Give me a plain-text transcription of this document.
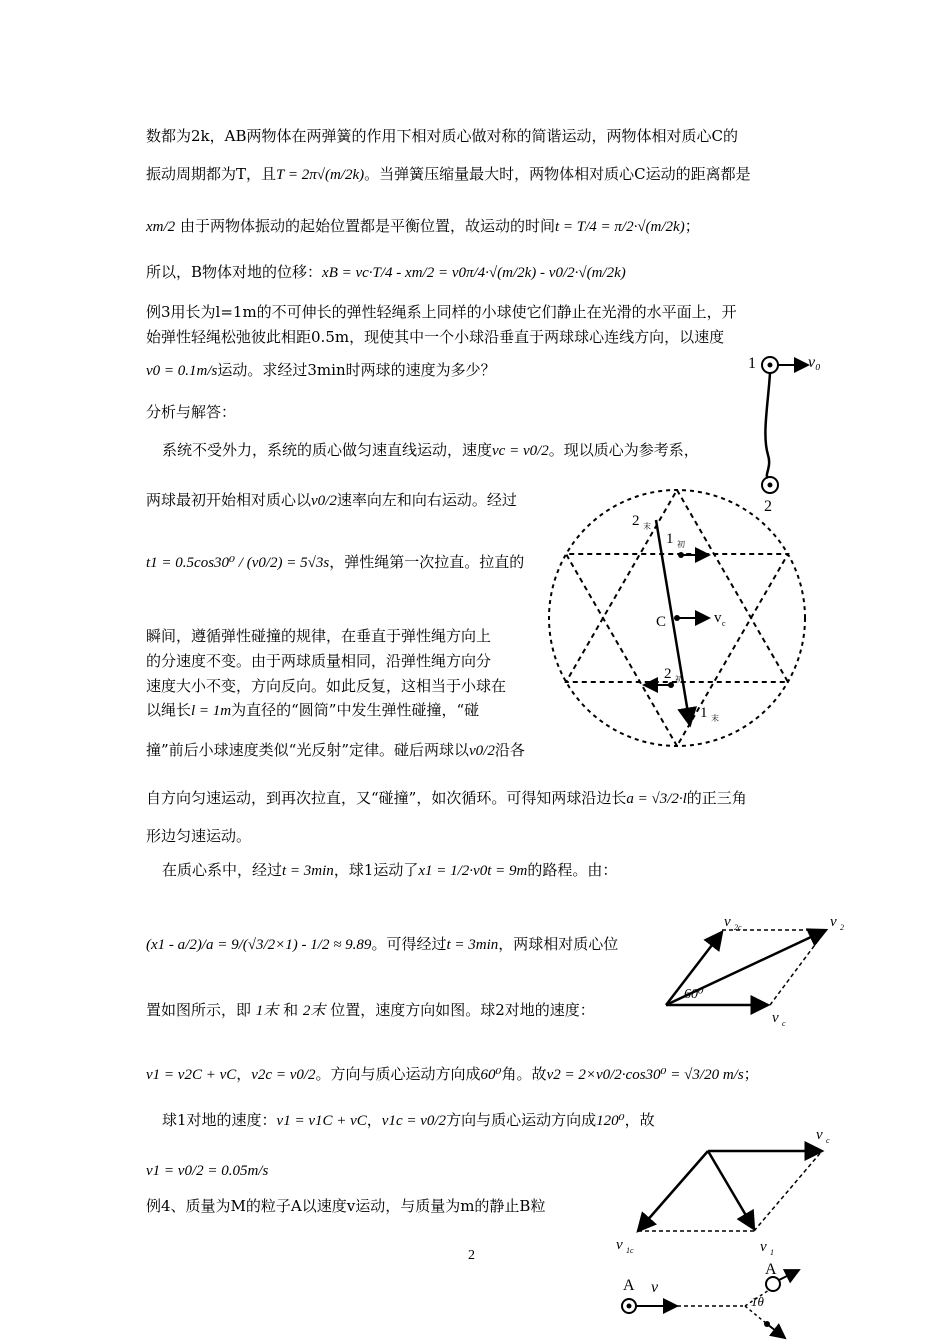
数都为2k，AB两物体在两弹簧的作用下相对质心做对称的简谐运动，两物体相对质心C的
振动周期都为T，且T = 2π√(m/2k)。当弹簧压缩量最大时，两物体相对质心C运动的距离都是
xm/2 由于两物体振动的起始位置都是平衡位置，故运动的时间t = T/4 = π/2·√(m/2k)；
所以，B物体对地的位移：xB = vc·T/4 - xm/2 = v0π/4·√(m/2k) - v0/2·√(m/2k)
例3用长为l=1m的不可伸长的弹性轻绳系上同样的小球使它们静止在光滑的水平面上，开
始弹性轻绳松弛彼此相距0.5m，现使其中一个小球沿垂直于两球球心连线方向，以速度
v0 = 0.1m/s运动。求经过3min时两球的速度为多少？
分析与解答：
系统不受外力，系统的质心做匀速直线运动，速度vc = v0/2。现以质心为参考系，
两球最初开始相对质心以v0/2速率向左和向右运动。经过
t1 = 0.5cos30⁰ / (v0/2) = 5√3s，弹性绳第一次拉直。拉直的
瞬间，遵循弹性碰撞的规律，在垂直于弹性绳方向上
的分速度不变。由于两球质量相同，沿弹性绳方向分
速度大小不变，方向反向。如此反复，这相当于小球在
以绳长l = 1m为直径的“圆筒”中发生弹性碰撞，“碰
撞”前后小球速度类似“光反射”定律。碰后两球以v0/2沿各
自方向匀速运动，到再次拉直，又“碰撞”，如次循环。可得知两球沿边长a = √3/2·l的正三角
形边匀速运动。
在质心系中，经过t = 3min，球1运动了x1 = 1/2·v0t = 9m的路程。由：
(x1 - a/2)/a = 9/(√3/2×1) - 1/2 ≈ 9.89。可得经过t = 3min，两球相对质心位
置如图所示，即 1末 和 2末 位置，速度方向如图。球2对地的速度：
v1 = v2C + vC，v2c = v0/2。方向与质心运动方向成60⁰角。故v2 = 2×v0/2·cos30⁰ = √3/20 m/s；
球1对地的速度：v1 = v1C + vC，v1c = v0/2方向与质心运动方向成120⁰，故
v1 = v0/2 = 0.05m/s
例4、质量为M的粒子A以速度v运动，与质量为m的静止B粒
2
1	v₀
2
2 末
1 初
C	v c
2 初
1 末
v 2c	v 2
60⁰
v c
v c
v 1c	v 1
A v
A
1θ
